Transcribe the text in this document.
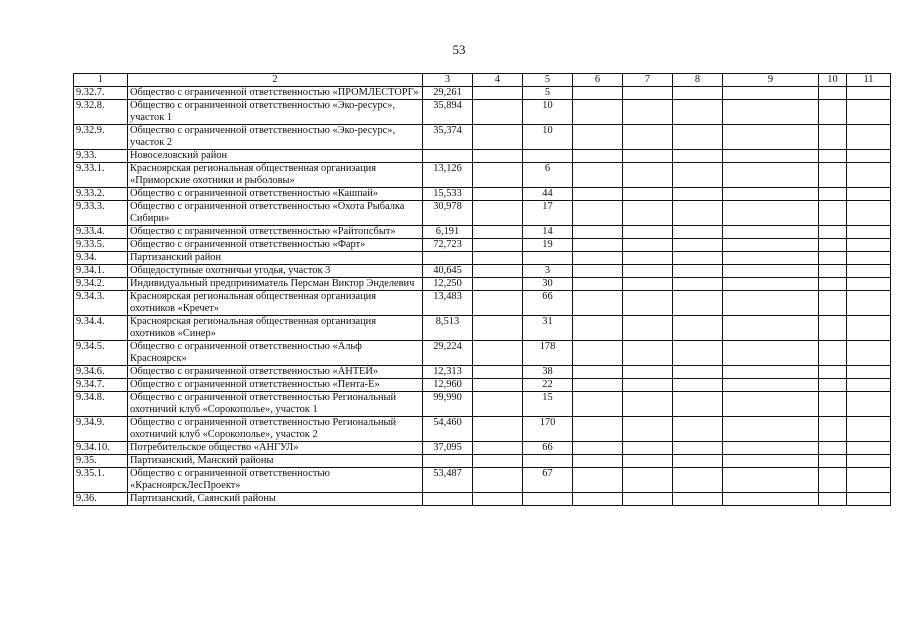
53
1	2	3	4	5	6	7	8	9	10	11
9.32.7.	Общество с ограниченной ответственностью «ПРОМЛЕСТОРГ»	29,261		5						
9.32.8.	Общество с ограниченной ответственностью «Эко-ресурс», участок 1	35,894		10						
9.32.9.	Общество с ограниченной ответственностью «Эко-ресурс», участок 2	35,374		10						
9.33.	Новоселовский район									
9.33.1.	Красноярская региональная общественная организация «Приморские охотники и рыболовы»	13,126		6						
9.33.2.	Общество с ограниченной ответственностью «Кашпай»	15,533		44						
9.33.3.	Общество с ограниченной ответственностью «Охота Рыбалка Сибири»	30,978		17						
9.33.4.	Общество с ограниченной ответственностью «Райтопсбыт»	6,191		14						
9.33.5.	Общество с ограниченной ответственностью «Фарт»	72,723		19						
9.34.	Партизанский район									
9.34.1.	Общедоступные охотничьи угодья, участок 3	40,645		3						
9.34.2.	Индивидуальный предприниматель Персман Виктор Энделевич	12,250		30						
9.34.3.	Красноярская региональная общественная организация охотников «Кречет»	13,483		66						
9.34.4.	Красноярская региональная общественная организация охотников «Синер»	8,513		31						
9.34.5.	Общество с ограниченной ответственностью «Альф Красноярск»	29,224		178						
9.34.6.	Общество с ограниченной ответственностью «АНТЕЙ»	12,313		38						
9.34.7.	Общество с ограниченной ответственностью «Пента-Е»	12,960		22						
9.34.8.	Общество с ограниченной ответственностью Региональный охотничий клуб «Сорокополье», участок 1	99,990		15						
9.34.9.	Общество с ограниченной ответственностью Региональный охотничий клуб «Сорокополье», участок 2	54,460		170						
9.34.10.	Потребительское общество «АНГУЛ»	37,095		66						
9.35.	Партизанский, Манский районы									
9.35.1.	Общество с ограниченной ответственностью «КрасноярскЛесПроект»	53,487		67						
9.36.	Партизанский, Саянский районы									
